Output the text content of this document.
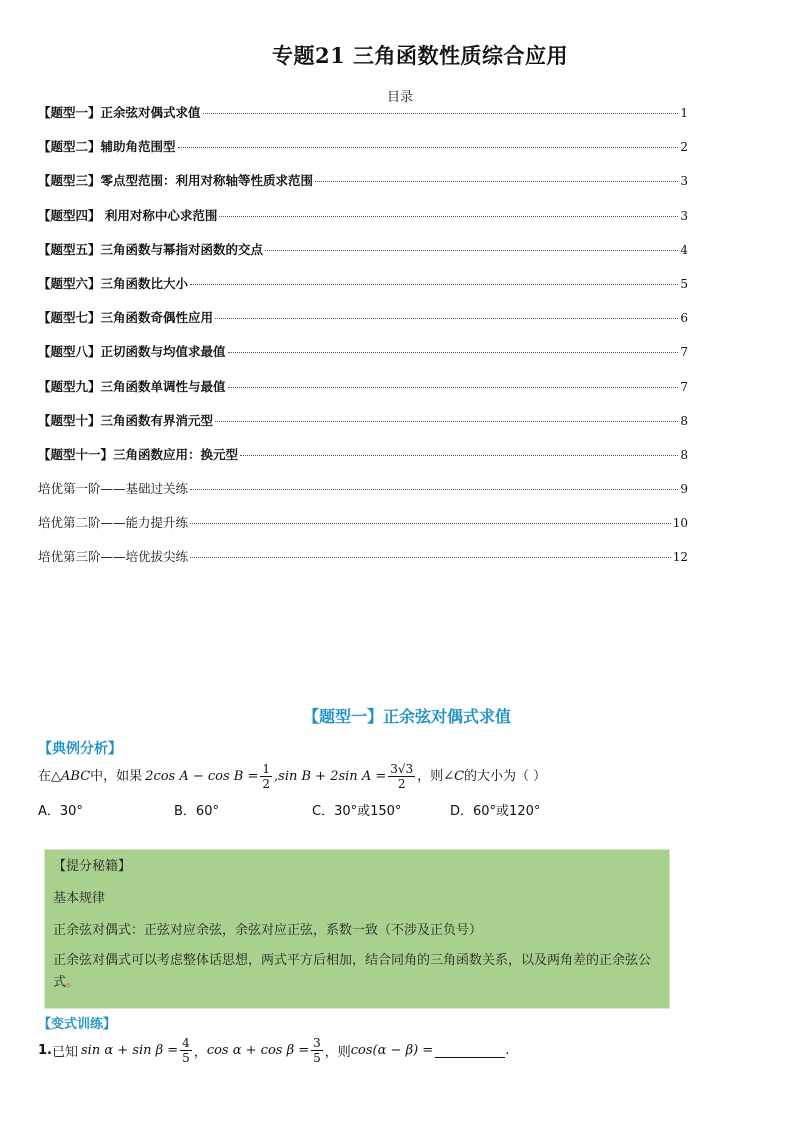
专题21 三角函数性质综合应用
目录
【题型一】正余弦对偶式求值	1
【题型二】辅助角范围型	2
【题型三】零点型范围：利用对称轴等性质求范围	3
【题型四】 利用对称中心求范围	3
【题型五】三角函数与幂指对函数的交点	4
【题型六】三角函数比大小	5
【题型七】三角函数奇偶性应用	6
【题型八】正切函数与均值求最值	7
【题型九】三角函数单调性与最值	7
【题型十】三角函数有界消元型	8
【题型十一】三角函数应用：换元型	8
培优第一阶——基础过关练	9
培优第二阶——能力提升练	10
培优第三阶——培优拔尖练	12
【题型一】正余弦对偶式求值
【典例分析】
在 △ABC 中，如果 2cos $A - \cos B = \frac{1}{2} ,\sin$ B + 2sin $A = \frac{3√3}{2}$ ，则 ∠C 的大小为（ ）
A．30°	B．60°	C．30°或150°	D．60°或120°

【提分秘籍】

基本规律

正余弦对偶式：正弦对应余弦，余弦对应正弦，系数一致（不涉及正负号）

正余弦对偶式可以考虑整体话思想，两式平方后相加，结合同角的三角函数关系，以及两角差的正余弦公式。

【变式训练】
1. 已知 $\sin \alpha + \sin \beta = \frac{4}{5}$ ， $\cos \alpha + \cos \beta = \frac{3}{5}$ ，则 cos(α − β) =	.
